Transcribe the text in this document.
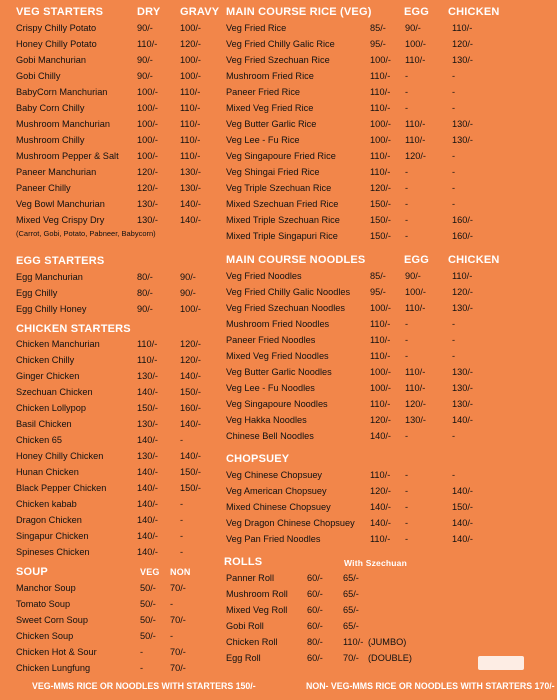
VEG STARTERS	DRY GRAVY
Crispy Chilly Potato	90/-	100/-
Honey Chilly Potato	110/- 120/-
Gobi Manchurian	90/-	100/-
Gobi Chilly	90/-	100/-
BabyCorn Manchurian	100/- 110/-
Baby Corn Chilly	100/- 110/-
Mushroom Manchurian	100/- 110/-
Mushroom Chilly	100/- 110/-
Mushroom Pepper & Salt 100/- 110/-
Paneer Manchurian	120/- 130/-
Paneer Chilly	120/- 130/-
Veg Bowl Manchurian	130/- 140/-
Mixed Veg Crispy Dry	130/- 140/-
(Carrot, Gobi, Potato, Pabneer, Babycorn)
EGG STARTERS
Egg Manchurian	80/-	90/-
Egg Chilly	80/-	90/-
Egg Chilly Honey	90/-	100/-
CHICKEN STARTERS
Chicken Manchurian	110/- 120/-
Chicken Chilly	110/- 120/-
Ginger Chicken	130/- 140/-
Szechuan Chicken	140/- 150/-
Chicken Lollypop	150/- 160/-
Basil Chicken	130/- 140/-
Chicken 65	140/- -
Honey Chilly Chicken	130/- 140/-
Hunan Chicken	140/- 150/-
Black Pepper Chicken	140/- 150/-
Chicken kabab	140/- -
Dragon Chicken	140/- -
Singapur Chicken	140/- -
Spineses Chicken	140/- -
SOUP	VEG NON
Manchor Soup	50/- 70/-
Tomato Soup	50/- -
Sweet Corn Soup	50/- 70/-
Chicken Soup	50/- -
Chicken Hot & Sour	-	70/-
Chicken Lungfung	-	70/-
MAIN COURSE RICE (VEG)	EGG CHICKEN
Veg Fried Rice	85/- 90/-	110/-
Veg Fried Chilly Galic Rice	95/- 100/-	120/-
Veg Fried Szechuan Rice	100/- 110/-	130/-
Mushroom Fried Rice	110/- -	-
Paneer Fried Rice	110/- -	-
Mixed Veg Fried Rice	110/- -	-
Veg Butter Garlic Rice	100/- 110/-	130/-
Veg Lee - Fu Rice	100/- 110/-	130/-
Veg Singapoure Fried Rice	110/- 120/-	-
Veg Shingai Fried Rice	110/- -	-
Veg Triple Szechuan Rice	120/- -	-
Mixed Szechuan Fried Rice	150/- -	-
Mixed Triple Szechuan Rice	150/- -	160/-
Mixed Triple Singapuri Rice	150/- -	160/-
MAIN COURSE NOODLES	EGG CHICKEN
Veg Fried Noodles	85/- 90/-	110/-
Veg Fried Chilly Galic Noodles 95/- 100/-	120/-
Veg Fried Szechuan Noodles	100/- 110/-	130/-
Mushroom Fried Noodles	110/- -	-
Paneer Fried Noodles	110/- -	-
Mixed Veg Fried Noodles	110/- -	-
Veg Butter Garlic Noodles	100/- 110/-	130/-
Veg Lee - Fu Noodles	100/- 110/-	130/-
Veg Singapoure Noodles	110/- 120/-	130/-
Veg Hakka Noodles	120/- 130/-	140/-
Chinese Bell Noodles	140/- -	-
CHOPSUEY
Veg Chinese Chopsuey	110/- -	-
Veg American Chopsuey	120/- -	140/-
Mixed Chinese Chopsuey	140/- -	150/-
Veg Dragon Chinese Chopsuey 140/- -	140/-
Veg Pan Fried Noodles	110/- -	140/-
ROLLS	With Szechuan
Panner Roll	60/- 65/-
Mushroom Roll 60/- 65/-
Mixed Veg Roll 60/- 65/-
Gobi Roll	60/- 65/-
Chicken Roll	80/- 110/- (JUMBO)
Egg Roll	60/- 70/- (DOUBLE)
VEG-MMS RICE OR NOODLES WITH STARTERS 150/-	NON- VEG-MMS RICE OR NOODLES WITH STARTERS 170/-
